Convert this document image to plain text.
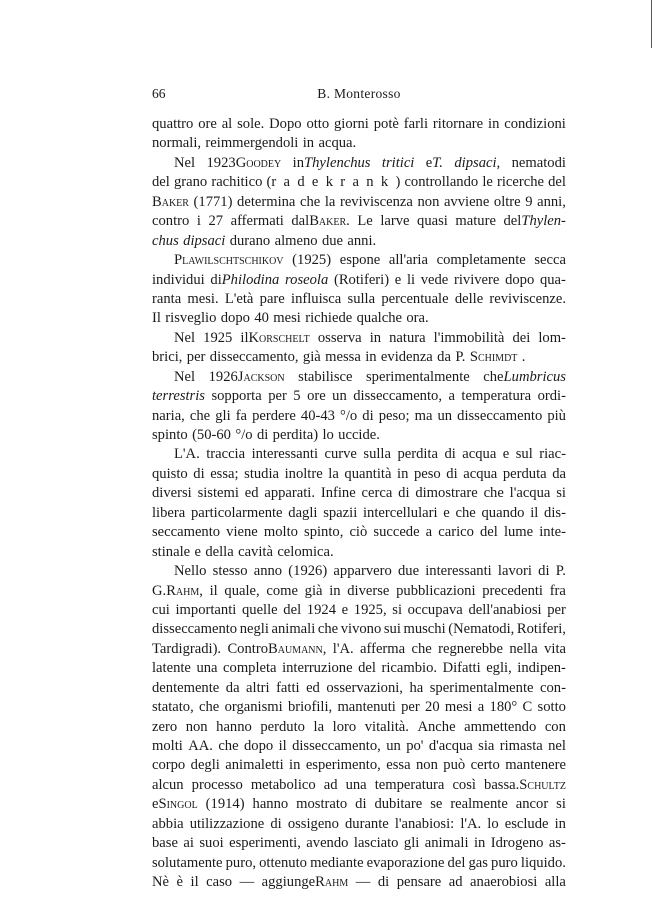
66	B. Monterosso
quattro ore al sole. Dopo otto giorni potè farli ritornare in condizioni
normali, reimmergendoli in acqua.
Nel 1923Goodey inThylenchus tritici eT. dipsaci, nematodi
del grano rachitico (radekrank) controllando le ricerche del
Baker (1771) determina che la reviviscenza non avviene oltre 9 anni,
contro i 27 affermati dalBaker. Le larve quasi mature delThylen-
chus dipsaci durano almeno due anni.
Plawilschtschikov (1925) espone all'aria completamente secca
individui diPhilodina roseola (Rotiferi) e li vede rivivere dopo qua-
ranta mesi. L'età pare influisca sulla percentuale delle reviviscenze.
Il risveglio dopo 40 mesi richiede qualche ora.
Nel 1925 ilKorschelt osserva in natura l'immobilità dei lom-
brici, per disseccamento, già messa in evidenza da P. Schimdt .
Nel 1926Jackson stabilisce sperimentalmente cheLumbricus
terrestris sopporta per 5 ore un disseccamento, a temperatura ordi-
naria, che gli fa perdere 40-43 °/o di peso; ma un disseccamento più
spinto (50-60 °/o di perdita) lo uccide.
L'A. traccia interessanti curve sulla perdita di acqua e sul riac-
quisto di essa; studia inoltre la quantità in peso di acqua perduta da
diversi sistemi ed apparati. Infine cerca di dimostrare che l'acqua si
libera particolarmente dagli spazii intercellulari e che quando il dis-
seccamento viene molto spinto, ciò succede a carico del lume inte-
stinale e della cavità celomica.
Nello stesso anno (1926) apparvero due interessanti lavori di P.
G.Rahm, il quale, come già in diverse pubblicazioni precedenti fra
cui importanti quelle del 1924 e 1925, si occupava dell'anabiosi per
disseccamento negli animali che vivono sui muschi (Nematodi, Rotiferi,
Tardigradi). ControBaumann, l'A. afferma che regnerebbe nella vita
latente una completa interruzione del ricambio. Difatti egli, indipen-
dentemente da altri fatti ed osservazioni, ha sperimentalmente con-
statato, che organismi briofili, mantenuti per 20 mesi a 180° C sotto
zero non hanno perduto la loro vitalità. Anche ammettendo con
molti AA. che dopo il disseccamento, un po' d'acqua sia rimasta nel
corpo degli animaletti in esperimento, essa non può certo mantenere
alcun processo metabolico ad una temperatura così bassa.Schultz
eSingol (1914) hanno mostrato di dubitare se realmente ancor si
abbia utilizzazione di ossigeno durante l'anabiosi: l'A. lo esclude in
base ai suoi esperimenti, avendo lasciato gli animali in Idrogeno as-
solutamente puro, ottenuto mediante evaporazione del gas puro liquido.
Nè è il caso — aggiungeRahm — di pensare ad anaerobiosi alla
